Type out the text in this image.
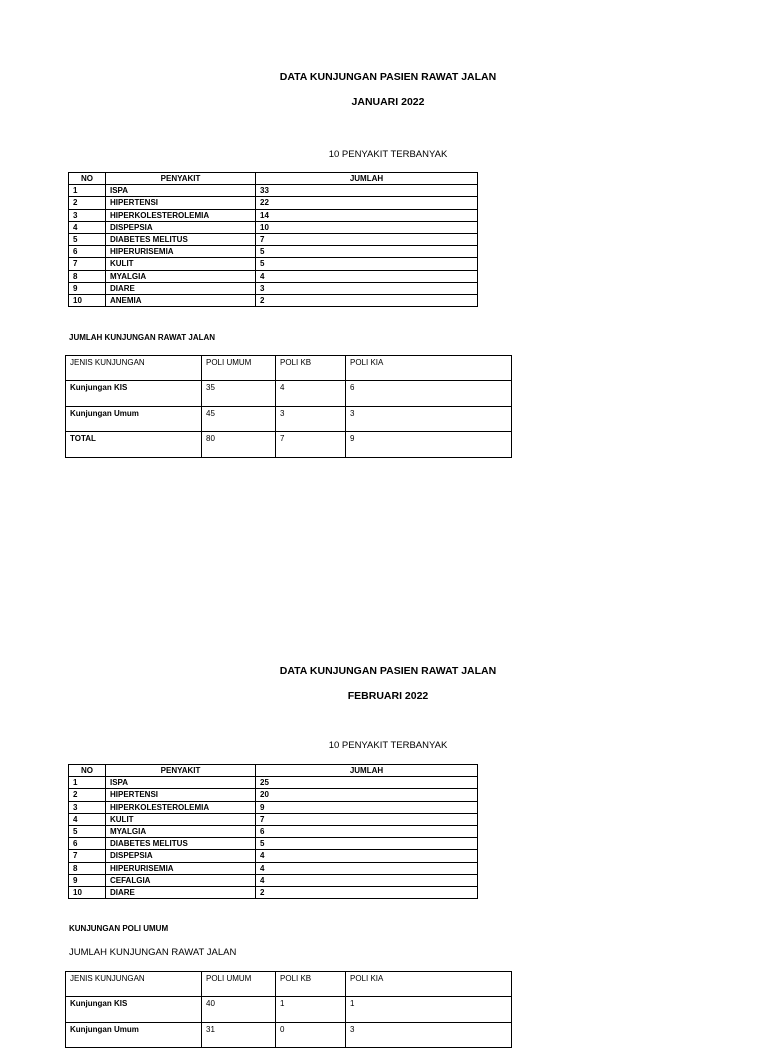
DATA KUNJUNGAN PASIEN RAWAT JALAN
JANUARI 2022
10 PENYAKIT TERBANYAK
NO	PENYAKIT	JUMLAH
1	ISPA	33
2	HIPERTENSI	22
3	HIPERKOLESTEROLEMIA	14
4	DISPEPSIA	10
5	DIABETES MELITUS	7
6	HIPERURISEMIA	5
7	KULIT	5
8	MYALGIA	4
9	DIARE	3
10	ANEMIA	2
JUMLAH KUNJUNGAN RAWAT JALAN
JENIS KUNJUNGAN	POLI UMUM	POLI KB	POLI KIA
Kunjungan KIS	35	4	6
Kunjungan Umum	45	3	3
TOTAL	80	7	9
DATA KUNJUNGAN PASIEN RAWAT JALAN
FEBRUARI 2022
10 PENYAKIT TERBANYAK
NO	PENYAKIT	JUMLAH
1	ISPA	25
2	HIPERTENSI	20
3	HIPERKOLESTEROLEMIA	9
4	KULIT	7
5	MYALGIA	6
6	DIABETES MELITUS	5
7	DISPEPSIA	4
8	HIPERURISEMIA	4
9	CEFALGIA	4
10	DIARE	2
KUNJUNGAN POLI UMUM
JUMLAH KUNJUNGAN RAWAT JALAN
JENIS KUNJUNGAN	POLI UMUM	POLI KB	POLI KIA
Kunjungan KIS	40	1	1
Kunjungan Umum	31	0	3
